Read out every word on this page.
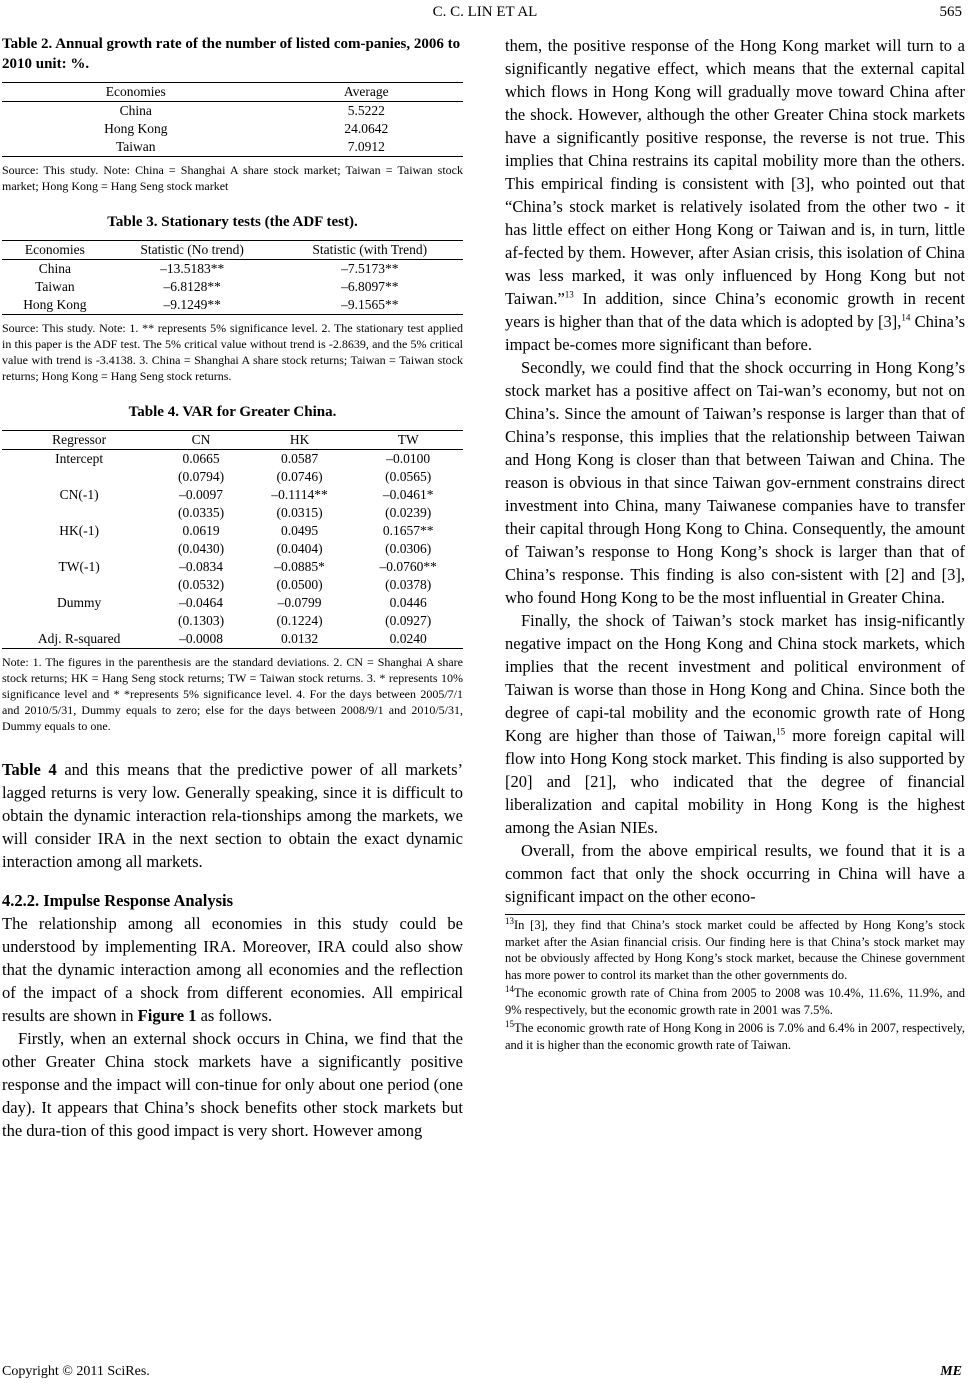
C. C. LIN ET AL	565
Table 2. Annual growth rate of the number of listed com-panies, 2006 to 2010 unit: %.
Economies	Average
China	5.5222
Hong Kong	24.0642
Taiwan	7.0912
Source: This study. Note: China = Shanghai A share stock market; Taiwan = Taiwan stock market; Hong Kong = Hang Seng stock market
Table 3. Stationary tests (the ADF test).
Economies	Statistic (No trend)	Statistic (with Trend)
China	–13.5183**	–7.5173**
Taiwan	–6.8128**	–6.8097**
Hong Kong	–9.1249**	–9.1565**
Source: This study. Note: 1. ** represents 5% significance level. 2. The stationary test applied in this paper is the ADF test. The 5% critical value without trend is -2.8639, and the 5% critical value with trend is -3.4138. 3. China = Shanghai A share stock returns; Taiwan = Taiwan stock returns; Hong Kong = Hang Seng stock returns.
Table 4. VAR for Greater China.
Regressor	CN	HK	TW
Intercept	0.0665	0.0587	–0.0100
	(0.0794)	(0.0746)	(0.0565)
CN(-1)	–0.0097	–0.1114**	–0.0461*
	(0.0335)	(0.0315)	(0.0239)
HK(-1)	0.0619	0.0495	0.1657**
	(0.0430)	(0.0404)	(0.0306)
TW(-1)	–0.0834	–0.0885*	–0.0760**
	(0.0532)	(0.0500)	(0.0378)
Dummy	–0.0464	–0.0799	0.0446
	(0.1303)	(0.1224)	(0.0927)
Adj. R-squared	–0.0008	0.0132	0.0240
Note: 1. The figures in the parenthesis are the standard deviations. 2. CN = Shanghai A share stock returns; HK = Hang Seng stock returns; TW = Taiwan stock returns. 3. * represents 10% significance level and * *represents 5% significance level. 4. For the days between 2005/7/1 and 2010/5/31, Dummy equals to zero; else for the days between 2008/9/1 and 2010/5/31, Dummy equals to one.

Table 4 and this means that the predictive power of all markets’ lagged returns is very low. Generally speaking, since it is difficult to obtain the dynamic interaction rela-tionships among the markets, we will consider IRA in the next section to obtain the exact dynamic interaction among all markets.

4.2.2. Impulse Response Analysis

The relationship among all economies in this study could be understood by implementing IRA. Moreover, IRA could also show that the dynamic interaction among all economies and the reflection of the impact of a shock from different economies. All empirical results are shown in Figure 1 as follows.

Firstly, when an external shock occurs in China, we find that the other Greater China stock markets have a significantly positive response and the impact will con-tinue for only about one period (one day). It appears that China’s shock benefits other stock markets but the dura-tion of this good impact is very short. However among

them, the positive response of the Hong Kong market will turn to a significantly negative effect, which means that the external capital which flows in Hong Kong will gradually move toward China after the shock. However, although the other Greater China stock markets have a significantly positive response, the reverse is not true. This implies that China restrains its capital mobility more than the others. This empirical finding is consistent with [3], who pointed out that “China’s stock market is relatively isolated from the other two - it has little effect on either Hong Kong or Taiwan and is, in turn, little af-fected by them. However, after Asian crisis, this isolation of China was less marked, it was only influenced by Hong Kong but not Taiwan.”$^{13}$ In addition, since China’s economic growth in recent years is higher than that of the data which is adopted by [3],$^{14}$ China’s impact be-comes more significant than before.

Secondly, we could find that the shock occurring in Hong Kong’s stock market has a positive affect on Tai-wan’s economy, but not on China’s. Since the amount of Taiwan’s response is larger than that of China’s response, this implies that the relationship between Taiwan and Hong Kong is closer than that between Taiwan and China. The reason is obvious in that since Taiwan gov-ernment constrains direct investment into China, many Taiwanese companies have to transfer their capital through Hong Kong to China. Consequently, the amount of Taiwan’s response to Hong Kong’s shock is larger than that of China’s response. This finding is also con-sistent with [2] and [3], who found Hong Kong to be the most influential in Greater China.

Finally, the shock of Taiwan’s stock market has insig-nificantly negative impact on the Hong Kong and China stock markets, which implies that the recent investment and political environment of Taiwan is worse than those in Hong Kong and China. Since both the degree of capi-tal mobility and the economic growth rate of Hong Kong are higher than those of Taiwan,$^{15}$ more foreign capital will flow into Hong Kong stock market. This finding is also supported by [20] and [21], who indicated that the degree of financial liberalization and capital mobility in Hong Kong is the highest among the Asian NIEs.

Overall, from the above empirical results, we found that it is a common fact that only the shock occurring in China will have a significant impact on the other econo-

$^{13}$In [3], they find that China’s stock market could be affected by Hong Kong’s stock market after the Asian financial crisis. Our finding here is that China’s stock market may not be obviously affected by Hong Kong’s stock market, because the Chinese government has more power to control its market than the other governments do.

$^{14}$The economic growth rate of China from 2005 to 2008 was 10.4%, 11.6%, 11.9%, and 9% respectively, but the economic growth rate in 2001 was 7.5%.

$^{15}$The economic growth rate of Hong Kong in 2006 is 7.0% and 6.4% in 2007, respectively, and it is higher than the economic growth rate of Taiwan.

Copyright © 2011 SciRes.	ME
